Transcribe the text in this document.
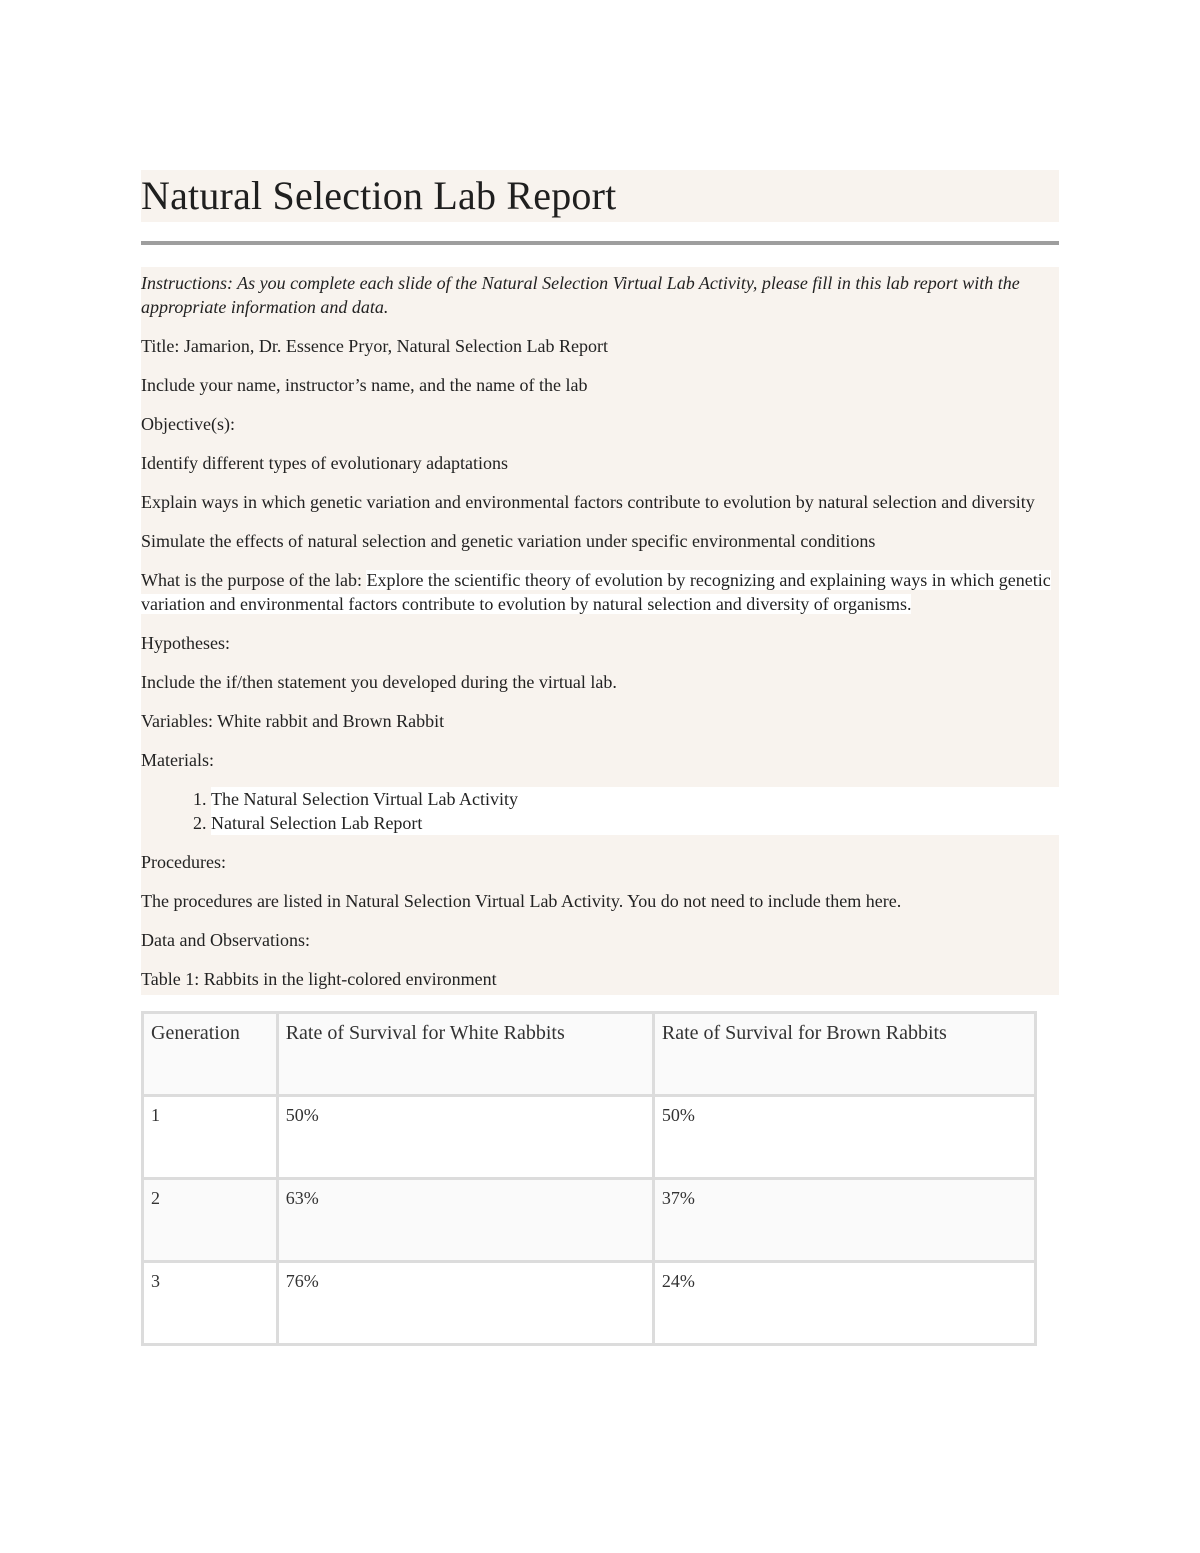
Natural Selection Lab Report

Instructions: As you complete each slide of the Natural Selection Virtual Lab Activity, please fill in this lab report with the appropriate information and data.

Title: Jamarion, Dr. Essence Pryor, Natural Selection Lab Report

Include your name, instructor’s name, and the name of the lab

Objective(s):

Identify different types of evolutionary adaptations

Explain ways in which genetic variation and environmental factors contribute to evolution by natural selection and diversity

Simulate the effects of natural selection and genetic variation under specific environmental conditions

What is the purpose of the lab: Explore the scientific theory of evolution by recognizing and explaining ways in which genetic variation and environmental factors contribute to evolution by natural selection and diversity of organisms.

Hypotheses:

Include the if/then statement you developed during the virtual lab.

Variables: White rabbit and Brown Rabbit

Materials:

1. The Natural Selection Virtual Lab Activity
2. Natural Selection Lab Report

Procedures:

The procedures are listed in Natural Selection Virtual Lab Activity. You do not need to include them here.

Data and Observations:

Table 1: Rabbits in the light-colored environment

Generation	Rate of Survival for White Rabbits	Rate of Survival for Brown Rabbits
1	50%	50%
2	63%	37%
3	76%	24%
